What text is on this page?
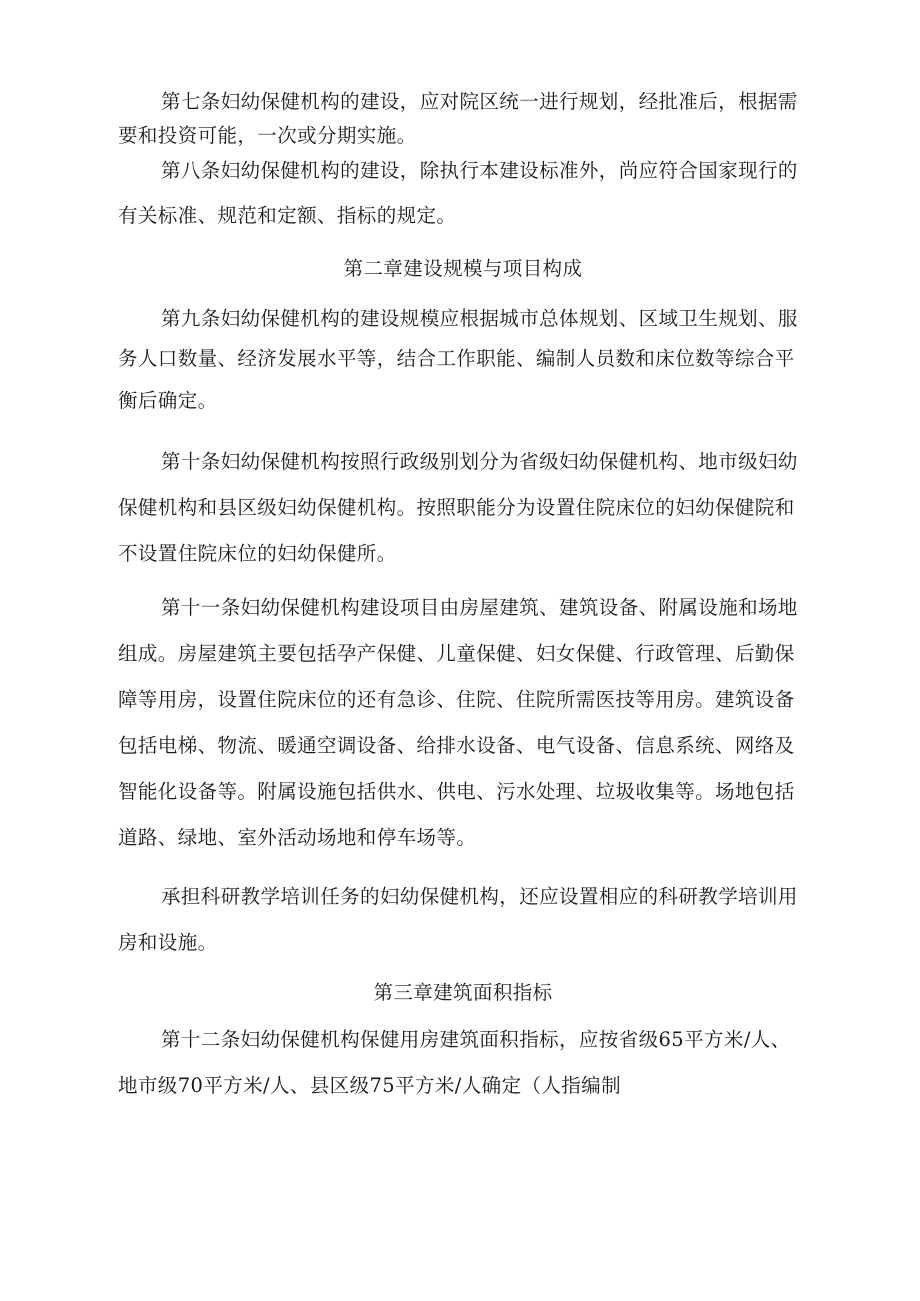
第七条妇幼保健机构的建设，应对院区统一进行规划，经批准后，根据需
要和投资可能，一次或分期实施。
第八条妇幼保健机构的建设，除执行本建设标准外，尚应符合国家现行的
有关标准、规范和定额、指标的规定。
第二章建设规模与项目构成
第九条妇幼保健机构的建设规模应根据城市总体规划、区域卫生规划、服
务人口数量、经济发展水平等，结合工作职能、编制人员数和床位数等综合平
衡后确定。
第十条妇幼保健机构按照行政级别划分为省级妇幼保健机构、地市级妇幼
保健机构和县区级妇幼保健机构。按照职能分为设置住院床位的妇幼保健院和
不设置住院床位的妇幼保健所。
第十一条妇幼保健机构建设项目由房屋建筑、建筑设备、附属设施和场地
组成。房屋建筑主要包括孕产保健、儿童保健、妇女保健、行政管理、后勤保
障等用房，设置住院床位的还有急诊、住院、住院所需医技等用房。建筑设备
包括电梯、物流、暖通空调设备、给排水设备、电气设备、信息系统、网络及
智能化设备等。附属设施包括供水、供电、污水处理、垃圾收集等。场地包括
道路、绿地、室外活动场地和停车场等。
承担科研教学培训任务的妇幼保健机构，还应设置相应的科研教学培训用
房和设施。
第三章建筑面积指标
第十二条妇幼保健机构保健用房建筑面积指标，应按省级65平方米/人、
地市级70平方米/人、县区级75平方米/人确定（人指编制
